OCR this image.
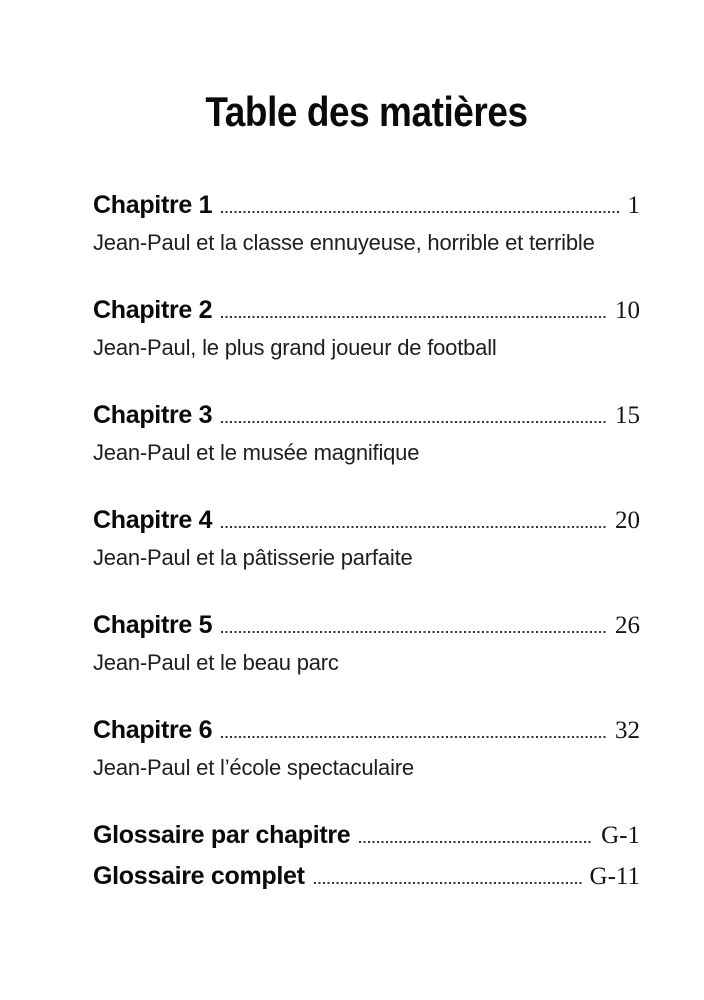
Table des matières
Chapitre 1	1
Jean-Paul et la classe ennuyeuse, horrible et terrible
Chapitre 2	10
Jean-Paul, le plus grand joueur de football
Chapitre 3	15
Jean-Paul et le musée magnifique
Chapitre 4	20
Jean-Paul et la pâtisserie parfaite
Chapitre 5	26
Jean-Paul et le beau parc
Chapitre 6	32
Jean-Paul et l’école spectaculaire
Glossaire par chapitre	G-1
Glossaire complet	G-11
